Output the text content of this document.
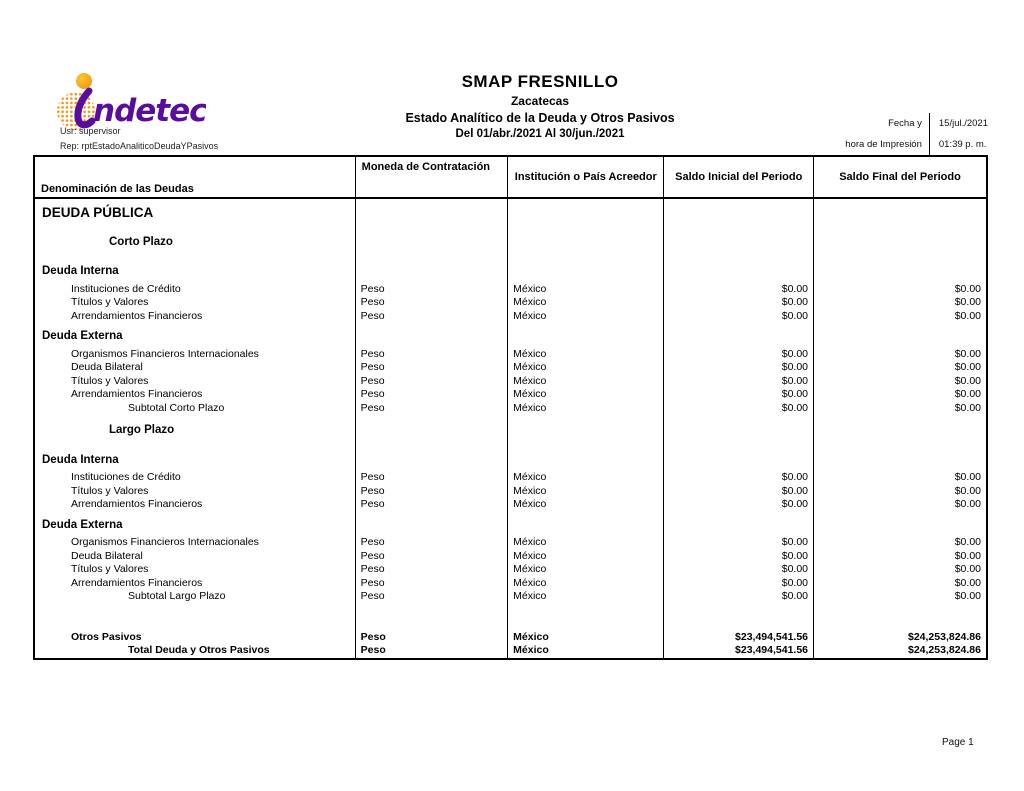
ndetec
Usr: supervisor
Rep: rptEstadoAnaliticoDeudaYPasivos
SMAP FRESNILLO
Zacatecas
Estado Analítico de la Deuda y Otros Pasivos
Del 01/abr./2021 Al 30/jun./2021
Fecha y
hora de Impresión
15/jul./2021
01:39 p. m.
Denominación de las Deudas	Moneda de Contratación	Institución o País Acreedor	Saldo Inicial del Periodo	Saldo Final del Periodo
DEUDA PÚBLICA				
Corto Plazo				
Deuda Interna				
Instituciones de Crédito	Peso	México	$0.00	$0.00
Títulos y Valores	Peso	México	$0.00	$0.00
Arrendamientos Financieros	Peso	México	$0.00	$0.00
Deuda Externa				
Organismos Financieros Internacionales	Peso	México	$0.00	$0.00
Deuda Bilateral	Peso	México	$0.00	$0.00
Títulos y Valores	Peso	México	$0.00	$0.00
Arrendamientos Financieros	Peso	México	$0.00	$0.00
Subtotal Corto Plazo	Peso	México	$0.00	$0.00
Largo Plazo				
Deuda Interna				
Instituciones de Crédito	Peso	México	$0.00	$0.00
Títulos y Valores	Peso	México	$0.00	$0.00
Arrendamientos Financieros	Peso	México	$0.00	$0.00
Deuda Externa				
Organismos Financieros Internacionales	Peso	México	$0.00	$0.00
Deuda Bilateral	Peso	México	$0.00	$0.00
Títulos y Valores	Peso	México	$0.00	$0.00
Arrendamientos Financieros	Peso	México	$0.00	$0.00
Subtotal Largo Plazo	Peso	México	$0.00	$0.00

Otros Pasivos	Peso	México	$23,494,541.56	$24,253,824.86
Total Deuda y Otros Pasivos	Peso	México	$23,494,541.56	$24,253,824.86
Page 1
